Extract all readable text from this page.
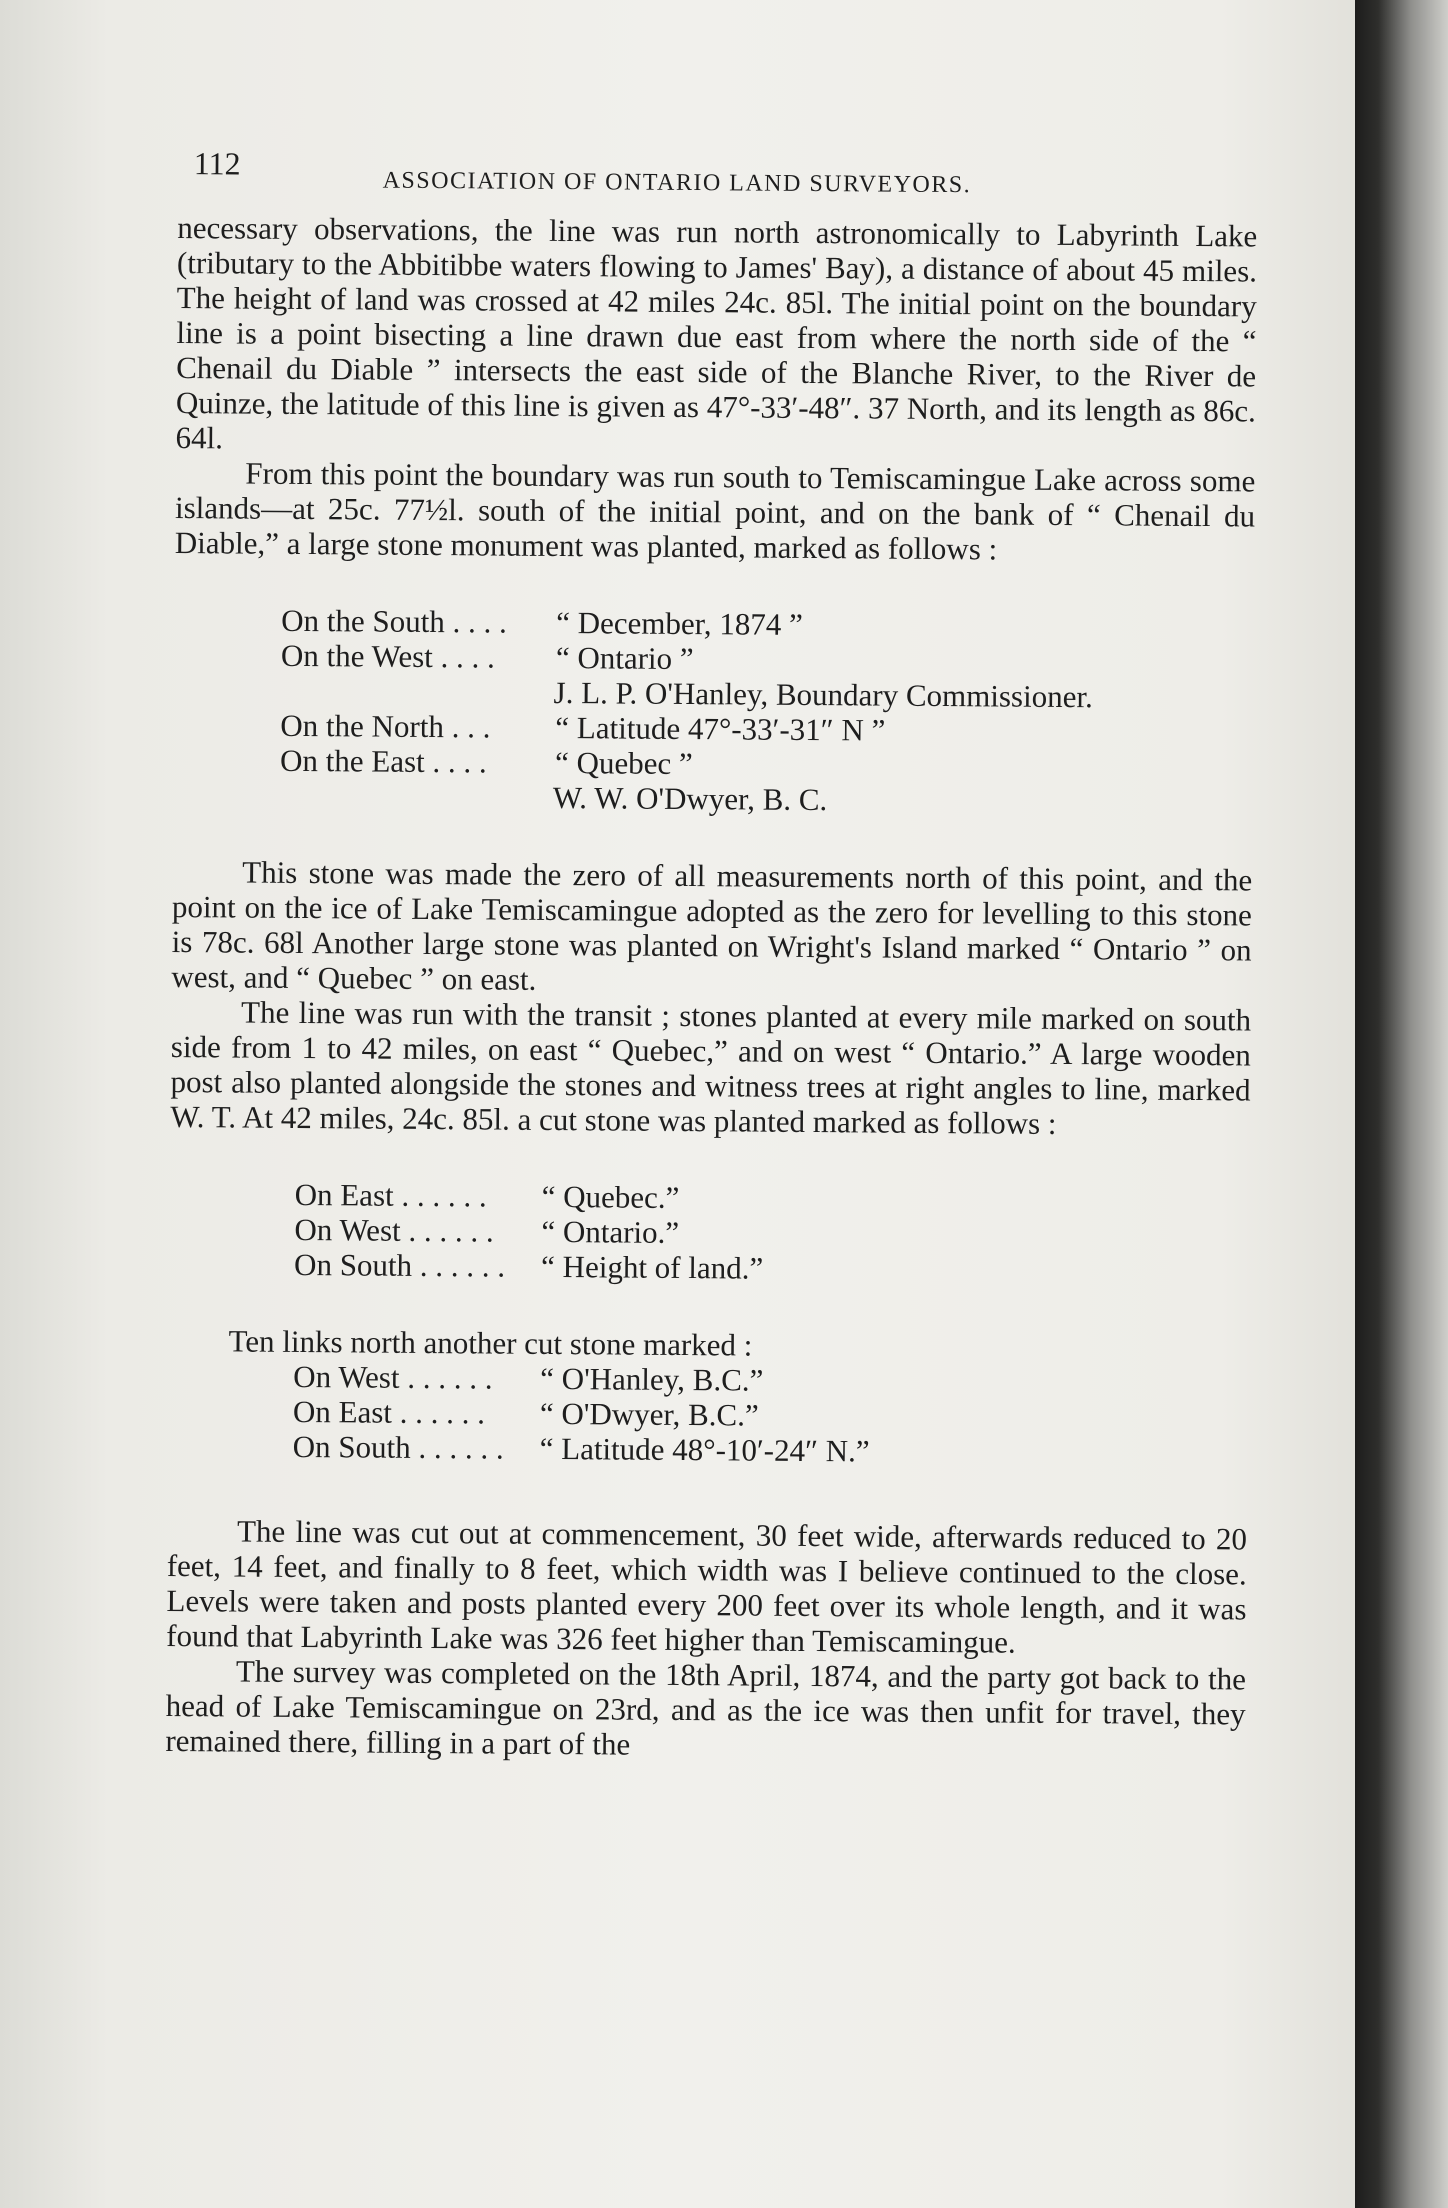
112
ASSOCIATION OF ONTARIO LAND SURVEYORS.

necessary observations, the line was run north astronomically to Labyrinth Lake (tributary to the Abbitibbe waters flowing to James' Bay), a distance of about 45 miles. The height of land was crossed at 42 miles 24c. 85l. The initial point on the boundary line is a point bisecting a line drawn due east from where the north side of the “ Chenail du Diable ” intersects the east side of the Blanche River, to the River de Quinze, the latitude of this line is given as 47°-33′-48″. 37 North, and its length as 86c. 64l.

From this point the boundary was run south to Temiscamingue Lake across some islands—at 25c. 77½l. south of the initial point, and on the bank of “ Chenail du Diable,” a large stone monument was planted, marked as follows :

On the South . . . . “ December, 1874 ”
On the West . . . . “ Ontario ”
J. L. P. O'Hanley, Boundary Commissioner.
On the North . . . “ Latitude 47°-33′-31″ N ”
On the East . . . . “ Quebec ”
W. W. O'Dwyer, B. C.

This stone was made the zero of all measurements north of this point, and the point on the ice of Lake Temiscamingue adopted as the zero for levelling to this stone is 78c. 68l Another large stone was planted on Wright's Island marked “ Ontario ” on west, and “ Quebec ” on east.

The line was run with the transit ; stones planted at every mile marked on south side from 1 to 42 miles, on east “ Quebec,” and on west “ Ontario.” A large wooden post also planted alongside the stones and witness trees at right angles to line, marked W. T. At 42 miles, 24c. 85l. a cut stone was planted marked as follows :

On East . . . . . . “ Quebec.”
On West . . . . . . “ Ontario.”
On South . . . . . . “ Height of land.”

Ten links north another cut stone marked :

On West . . . . . . “ O'Hanley, B.C.”
On East . . . . . . “ O'Dwyer, B.C.”
On South . . . . . . “ Latitude 48°-10′-24″ N.”

The line was cut out at commencement, 30 feet wide, afterwards reduced to 20 feet, 14 feet, and finally to 8 feet, which width was I believe continued to the close. Levels were taken and posts planted every 200 feet over its whole length, and it was found that Labyrinth Lake was 326 feet higher than Temiscamingue.

The survey was completed on the 18th April, 1874, and the party got back to the head of Lake Temiscamingue on 23rd, and as the ice was then unfit for travel, they remained there, filling in a part of the
